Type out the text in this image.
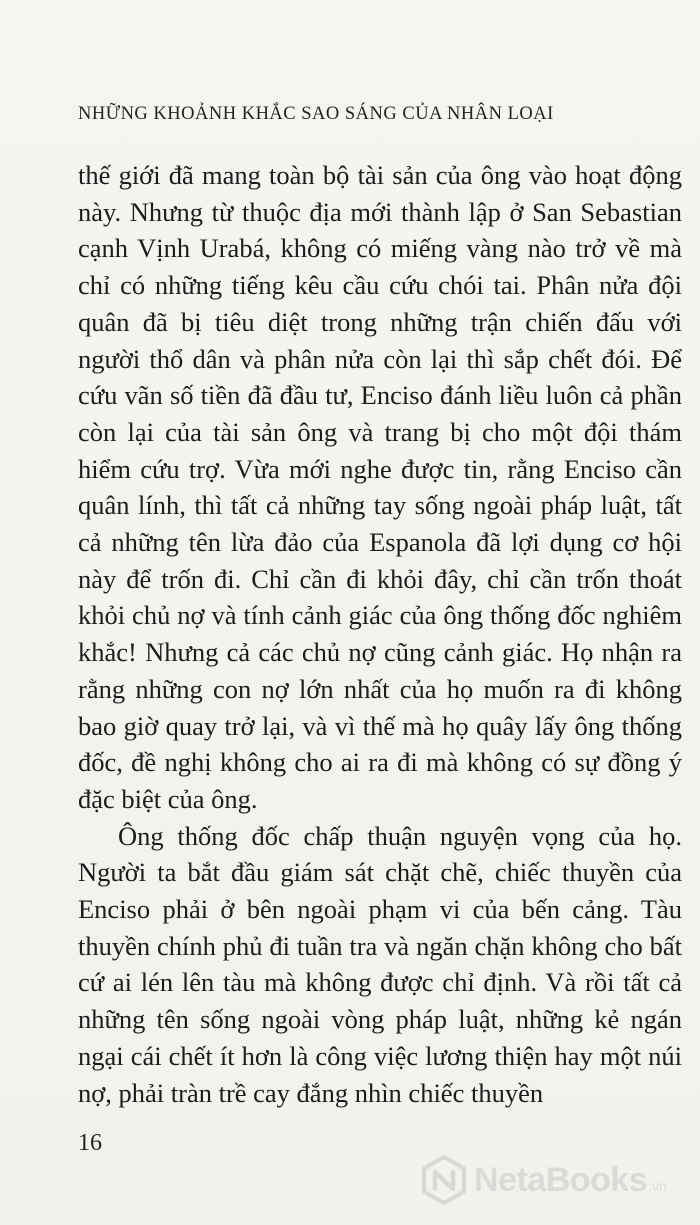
NHỮNG KHOẢNH KHẮC SAO SÁNG CỦA NHÂN LOẠI

thế giới đã mang toàn bộ tài sản của ông vào hoạt động này. Nhưng từ thuộc địa mới thành lập ở San Sebastian cạnh Vịnh Urabá, không có miếng vàng nào trở về mà chỉ có những tiếng kêu cầu cứu chói tai. Phân nửa đội quân đã bị tiêu diệt trong những trận chiến đấu với người thổ dân và phân nửa còn lại thì sắp chết đói. Để cứu vãn số tiền đã đầu tư, Enciso đánh liều luôn cả phần còn lại của tài sản ông và trang bị cho một đội thám hiểm cứu trợ. Vừa mới nghe được tin, rằng Enciso cần quân lính, thì tất cả những tay sống ngoài pháp luật, tất cả những tên lừa đảo của Espanola đã lợi dụng cơ hội này để trốn đi. Chỉ cần đi khỏi đây, chỉ cần trốn thoát khỏi chủ nợ và tính cảnh giác của ông thống đốc nghiêm khắc! Nhưng cả các chủ nợ cũng cảnh giác. Họ nhận ra rằng những con nợ lớn nhất của họ muốn ra đi không bao giờ quay trở lại, và vì thế mà họ quây lấy ông thống đốc, đề nghị không cho ai ra đi mà không có sự đồng ý đặc biệt của ông.

Ông thống đốc chấp thuận nguyện vọng của họ. Người ta bắt đầu giám sát chặt chẽ, chiếc thuyền của Enciso phải ở bên ngoài phạm vi của bến cảng. Tàu thuyền chính phủ đi tuần tra và ngăn chặn không cho bất cứ ai lén lên tàu mà không được chỉ định. Và rồi tất cả những tên sống ngoài vòng pháp luật, những kẻ ngán ngại cái chết ít hơn là công việc lương thiện hay một núi nợ, phải tràn trề cay đắng nhìn chiếc thuyền

16
NetaBooks .vn
